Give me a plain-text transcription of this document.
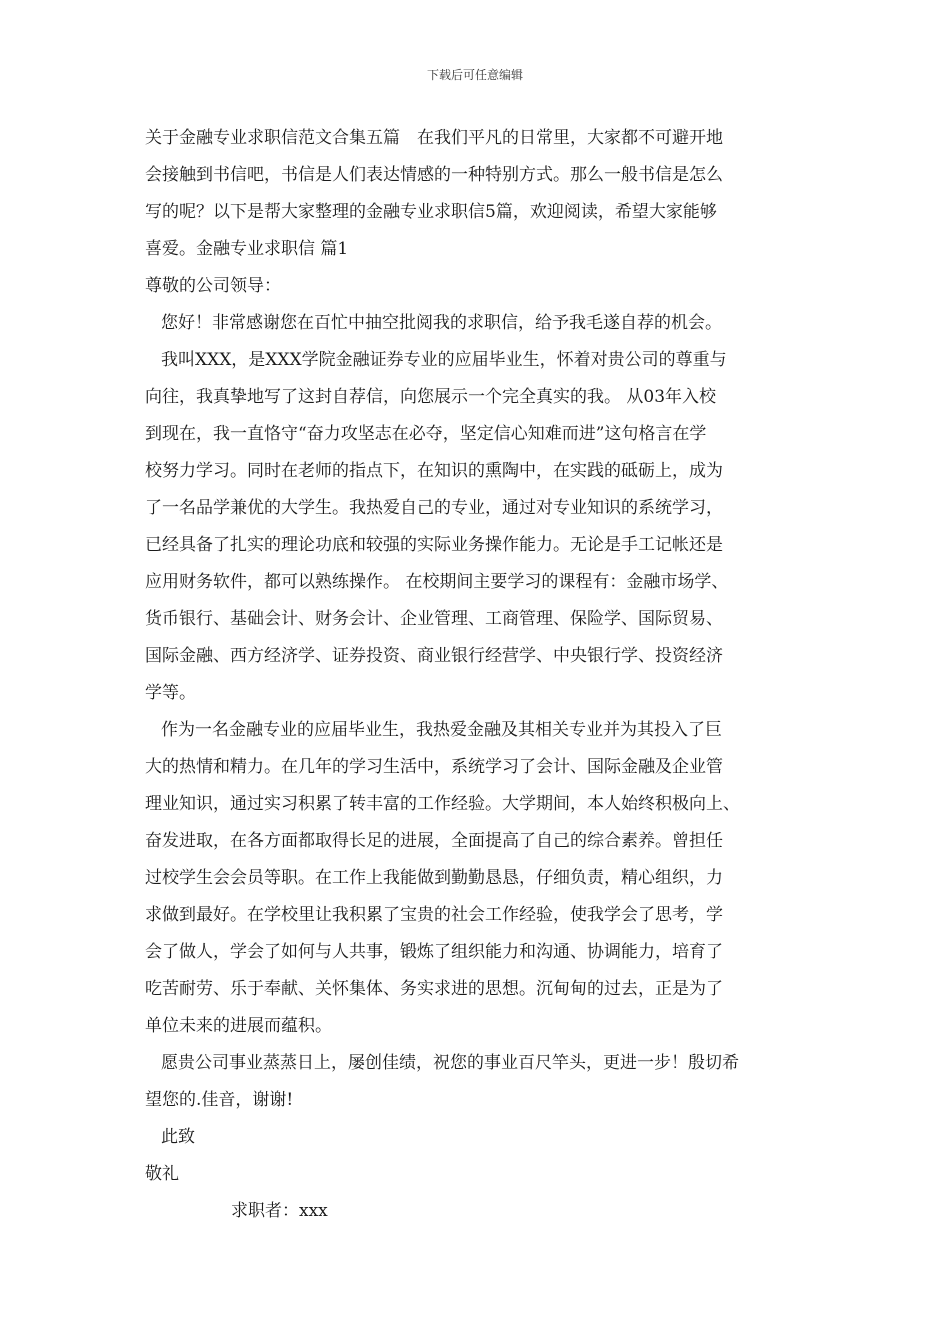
下载后可任意编辑
关于金融专业求职信范文合集五篇　在我们平凡的日常里，大家都不可避开地
会接触到书信吧，书信是人们表达情感的一种特别方式。那么一般书信是怎么
写的呢？以下是帮大家整理的金融专业求职信5篇，欢迎阅读，希望大家能够
喜爱。金融专业求职信 篇1
尊敬的公司领导：
您好！非常感谢您在百忙中抽空批阅我的求职信，给予我毛遂自荐的机会。
我叫XXX，是XXX学院金融证券专业的应届毕业生，怀着对贵公司的尊重与
向往，我真挚地写了这封自荐信，向您展示一个完全真实的我。 从03年入校
到现在，我一直恪守“奋力攻坚志在必夺，坚定信心知难而进”这句格言在学
校努力学习。同时在老师的指点下，在知识的熏陶中，在实践的砥砺上，成为
了一名品学兼优的大学生。我热爱自己的专业，通过对专业知识的系统学习，
已经具备了扎实的理论功底和较强的实际业务操作能力。无论是手工记帐还是
应用财务软件，都可以熟练操作。 在校期间主要学习的课程有：金融市场学、
货币银行、基础会计、财务会计、企业管理、工商管理、保险学、国际贸易、
国际金融、西方经济学、证券投资、商业银行经营学、中央银行学、投资经济
学等。
作为一名金融专业的应届毕业生，我热爱金融及其相关专业并为其投入了巨
大的热情和精力。在几年的学习生活中，系统学习了会计、国际金融及企业管
理业知识，通过实习积累了转丰富的工作经验。大学期间，本人始终积极向上、
奋发进取，在各方面都取得长足的进展，全面提高了自己的综合素养。曾担任
过校学生会会员等职。在工作上我能做到勤勤恳恳，仔细负责，精心组织，力
求做到最好。在学校里让我积累了宝贵的社会工作经验，使我学会了思考，学
会了做人，学会了如何与人共事，锻炼了组织能力和沟通、协调能力，培育了
吃苦耐劳、乐于奉献、关怀集体、务实求进的思想。沉甸甸的过去，正是为了
单位未来的进展而蕴积。
愿贵公司事业蒸蒸日上，屡创佳绩，祝您的事业百尺竿头，更进一步！殷切希
望您的.佳音，谢谢!
此致
敬礼
求职者：xxx
